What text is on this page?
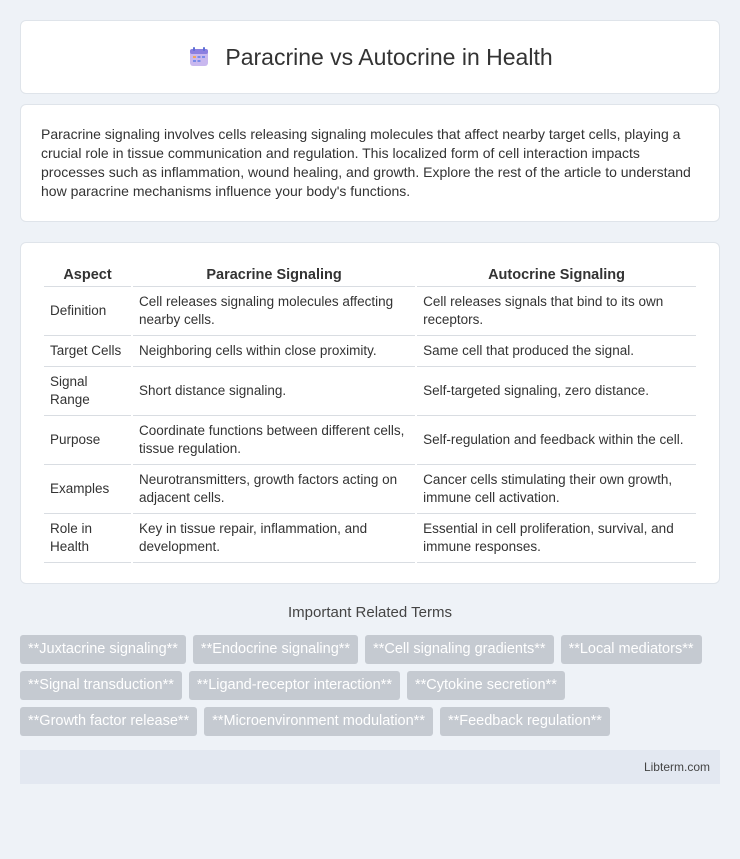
Paracrine vs Autocrine in Health

Paracrine signaling involves cells releasing signaling molecules that affect nearby target cells, playing a crucial role in tissue communication and regulation. This localized form of cell interaction impacts processes such as inflammation, wound healing, and growth. Explore the rest of the article to understand how paracrine mechanisms influence your body's functions.

Aspect	Paracrine Signaling	Autocrine Signaling
Definition	Cell releases signaling molecules affecting nearby cells.	Cell releases signals that bind to its own receptors.
Target Cells	Neighboring cells within close proximity.	Same cell that produced the signal.
Signal Range	Short distance signaling.	Self-targeted signaling, zero distance.
Purpose	Coordinate functions between different cells, tissue regulation.	Self-regulation and feedback within the cell.
Examples	Neurotransmitters, growth factors acting on adjacent cells.	Cancer cells stimulating their own growth, immune cell activation.
Role in Health	Key in tissue repair, inflammation, and development.	Essential in cell proliferation, survival, and immune responses.
Important Related Terms
**Juxtacrine signaling**	**Endocrine signaling**	**Cell signaling gradients**	**Local mediators**
**Signal transduction**	**Ligand-receptor interaction**	**Cytokine secretion**
**Growth factor release**	**Microenvironment modulation**	**Feedback regulation**
Libterm.com
